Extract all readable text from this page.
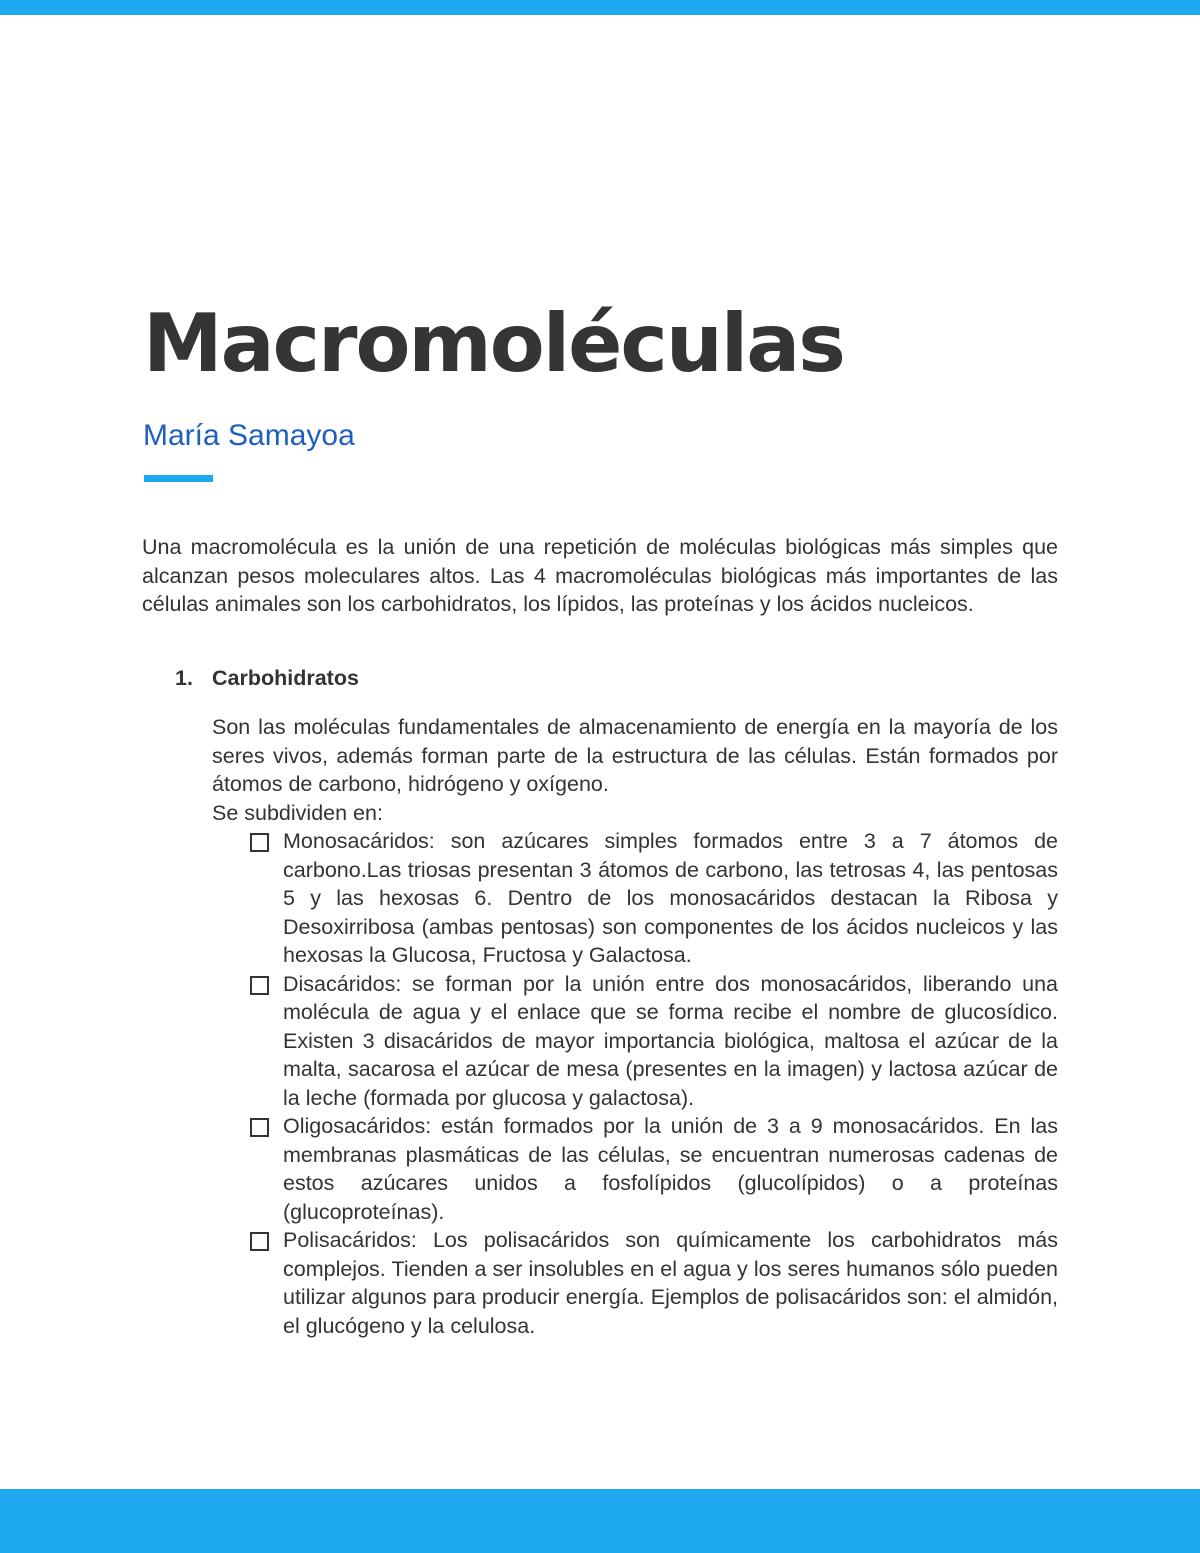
Macromoléculas
María Samayoa

Una macromolécula es la unión de una repetición de moléculas biológicas más simples que alcanzan pesos moleculares altos. Las 4 macromoléculas biológicas más importantes de las células animales son los carbohidratos, los lípidos, las proteínas y los ácidos nucleicos.

1. Carbohidratos

Son las moléculas fundamentales de almacenamiento de energía en la mayoría de los seres vivos, además forman parte de la estructura de las células. Están formados por átomos de carbono, hidrógeno y oxígeno.

Se subdividen en:

Monosacáridos: son azúcares simples formados entre 3 a 7 átomos de carbono.Las triosas presentan 3 átomos de carbono, las tetrosas 4, las pentosas 5 y las hexosas 6. Dentro de los monosacáridos destacan la Ribosa y Desoxirribosa (ambas pentosas) son componentes de los ácidos nucleicos y las hexosas la Glucosa, Fructosa y Galactosa.
Disacáridos: se forman por la unión entre dos monosacáridos, liberando una molécula de agua y el enlace que se forma recibe el nombre de glucosídico. Existen 3 disacáridos de mayor importancia biológica, maltosa el azúcar de la malta, sacarosa el azúcar de mesa (presentes en la imagen) y lactosa azúcar de la leche (formada por glucosa y galactosa).
Oligosacáridos: están formados por la unión de 3 a 9 monosacáridos. En las membranas plasmáticas de las células, se encuentran numerosas cadenas de estos azúcares unidos a fosfolípidos (glucolípidos) o a proteínas (glucoproteínas).
Polisacáridos: Los polisacáridos son químicamente los carbohidratos más complejos. Tienden a ser insolubles en el agua y los seres humanos sólo pueden utilizar algunos para producir energía. Ejemplos de polisacáridos son: el almidón, el glucógeno y la celulosa.
